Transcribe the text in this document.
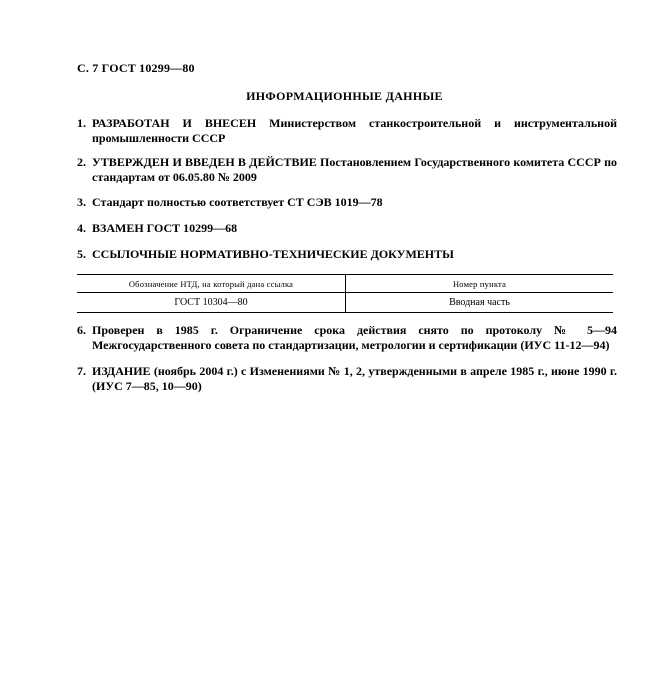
С. 7 ГОСТ 10299—80
ИНФОРМАЦИОННЫЕ ДАННЫЕ
1. РАЗРАБОТАН И ВНЕСЕН Министерством станкостроительной и инструментальной промышленности СССР
2. УТВЕРЖДЕН И ВВЕДЕН В ДЕЙСТВИЕ Постановлением Государственного комитета СССР по стандартам от 06.05.80 № 2009
3. Стандарт полностью соответствует СТ СЭВ 1019—78
4. ВЗАМЕН ГОСТ 10299—68
5. ССЫЛОЧНЫЕ НОРМАТИВНО-ТЕХНИЧЕСКИЕ ДОКУМЕНТЫ
Обозначение НТД, на который дана ссылка	Номер пункта
ГОСТ 10304—80	Вводная часть
6. Проверен в 1985 г. Ограничение срока действия снято по протоколу № 5—94 Межгосударственного совета по стандартизации, метрологии и сертификации (ИУС 11-12—94)
7. ИЗДАНИЕ (ноябрь 2004 г.) с Изменениями № 1, 2, утвержденными в апреле 1985 г., июне 1990 г. (ИУС 7—85, 10—90)
